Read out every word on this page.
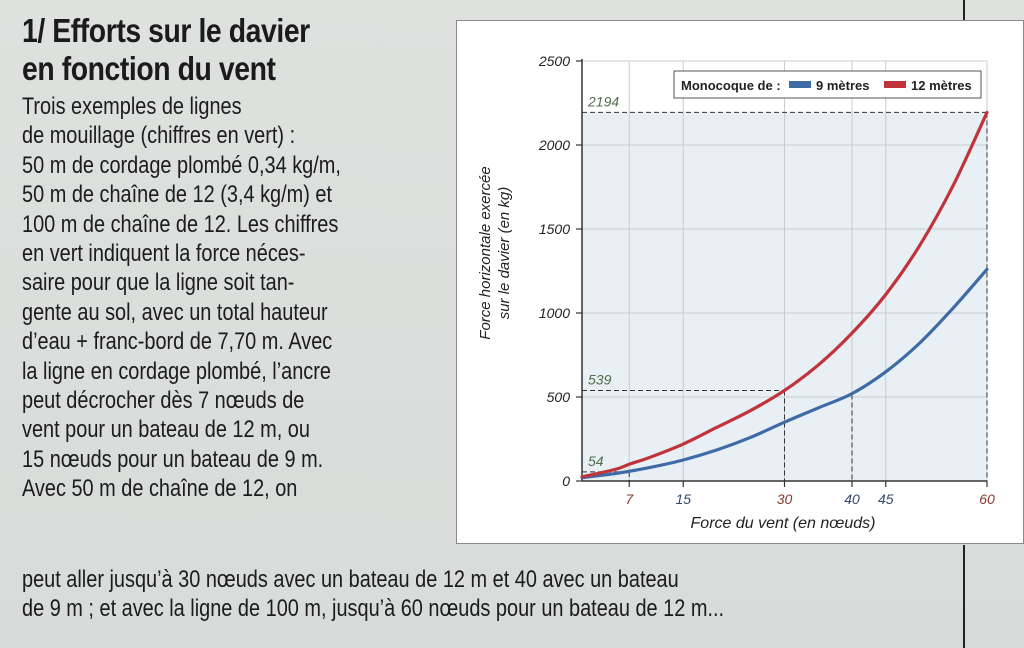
1/ Efforts sur le davier
en fonction du vent
Trois exemples de lignes
de mouillage (chiffres en vert) :
50 m de cordage plombé 0,34 kg/m,
50 m de chaîne de 12 (3,4 kg/m) et
100 m de chaîne de 12. Les chiffres
en vert indiquent la force néces-
saire pour que la ligne soit tan-
gente au sol, avec un total hauteur
d’eau + franc-bord de 7,70 m. Avec
la ligne en cordage plombé, l’ancre
peut décrocher dès 7 nœuds de
vent pour un bateau de 12 m, ou
15 nœuds pour un bateau de 9 m.
Avec 50 m de chaîne de 12, on
peut aller jusqu’à 30 nœuds avec un bateau de 12 m et 40 avec un bateau
de 9 m ; et avec la ligne de 100 m, jusqu’à 60 nœuds pour un bateau de 12 m...
0
500
1000
1500
2000
2500
7	15	30	40 45	60
2194
539
54
Force horizontale exercée sur le davier (en kg)
Force du vent (en nœuds)
Monocoque de :	9 mètres	12 mètres
